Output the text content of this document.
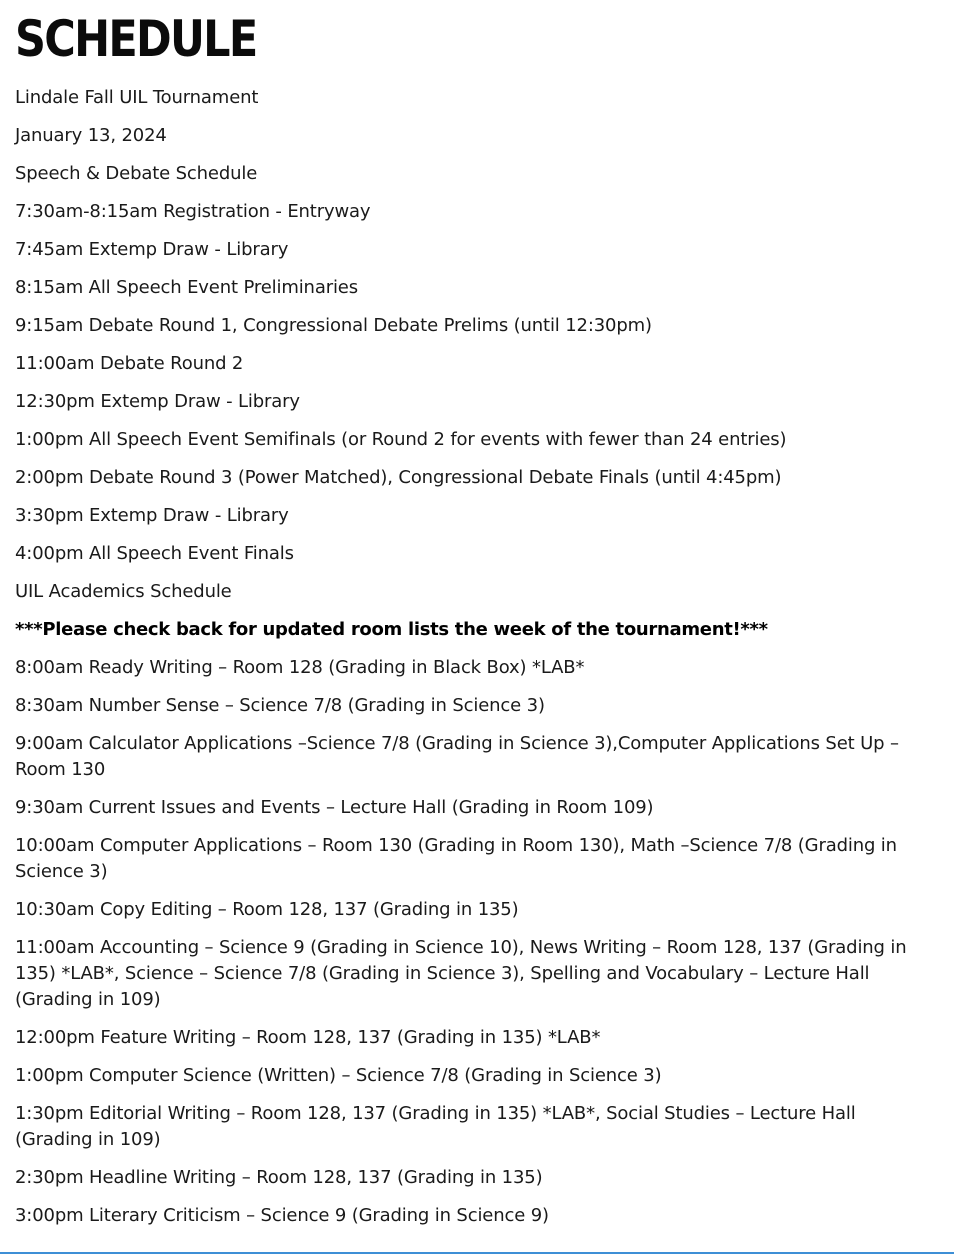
SCHEDULE

Lindale Fall UIL Tournament

January 13, 2024

Speech & Debate Schedule

7:30am-8:15am Registration - Entryway

7:45am Extemp Draw - Library

8:15am All Speech Event Preliminaries

9:15am Debate Round 1, Congressional Debate Prelims (until 12:30pm)

11:00am Debate Round 2

12:30pm Extemp Draw - Library

1:00pm All Speech Event Semifinals (or Round 2 for events with fewer than 24 entries)

2:00pm Debate Round 3 (Power Matched), Congressional Debate Finals (until 4:45pm)

3:30pm Extemp Draw - Library

4:00pm All Speech Event Finals

UIL Academics Schedule

***Please check back for updated room lists the week of the tournament!***

8:00am Ready Writing – Room 128 (Grading in Black Box) *LAB*

8:30am Number Sense – Science 7/8 (Grading in Science 3)

9:00am Calculator Applications –Science 7/8 (Grading in Science 3),Computer Applications Set Up – Room 130

9:30am Current Issues and Events – Lecture Hall (Grading in Room 109)

10:00am Computer Applications – Room 130 (Grading in Room 130), Math –Science 7/8 (Grading in Science 3)

10:30am Copy Editing – Room 128, 137 (Grading in 135)

11:00am Accounting – Science 9 (Grading in Science 10), News Writing – Room 128, 137 (Grading in 135) *LAB*, Science – Science 7/8 (Grading in Science 3), Spelling and Vocabulary – Lecture Hall (Grading in 109)

12:00pm Feature Writing – Room 128, 137 (Grading in 135) *LAB*

1:00pm Computer Science (Written) – Science 7/8 (Grading in Science 3)

1:30pm Editorial Writing – Room 128, 137 (Grading in 135) *LAB*, Social Studies – Lecture Hall (Grading in 109)

2:30pm Headline Writing – Room 128, 137 (Grading in 135)

3:00pm Literary Criticism – Science 9 (Grading in Science 9)
